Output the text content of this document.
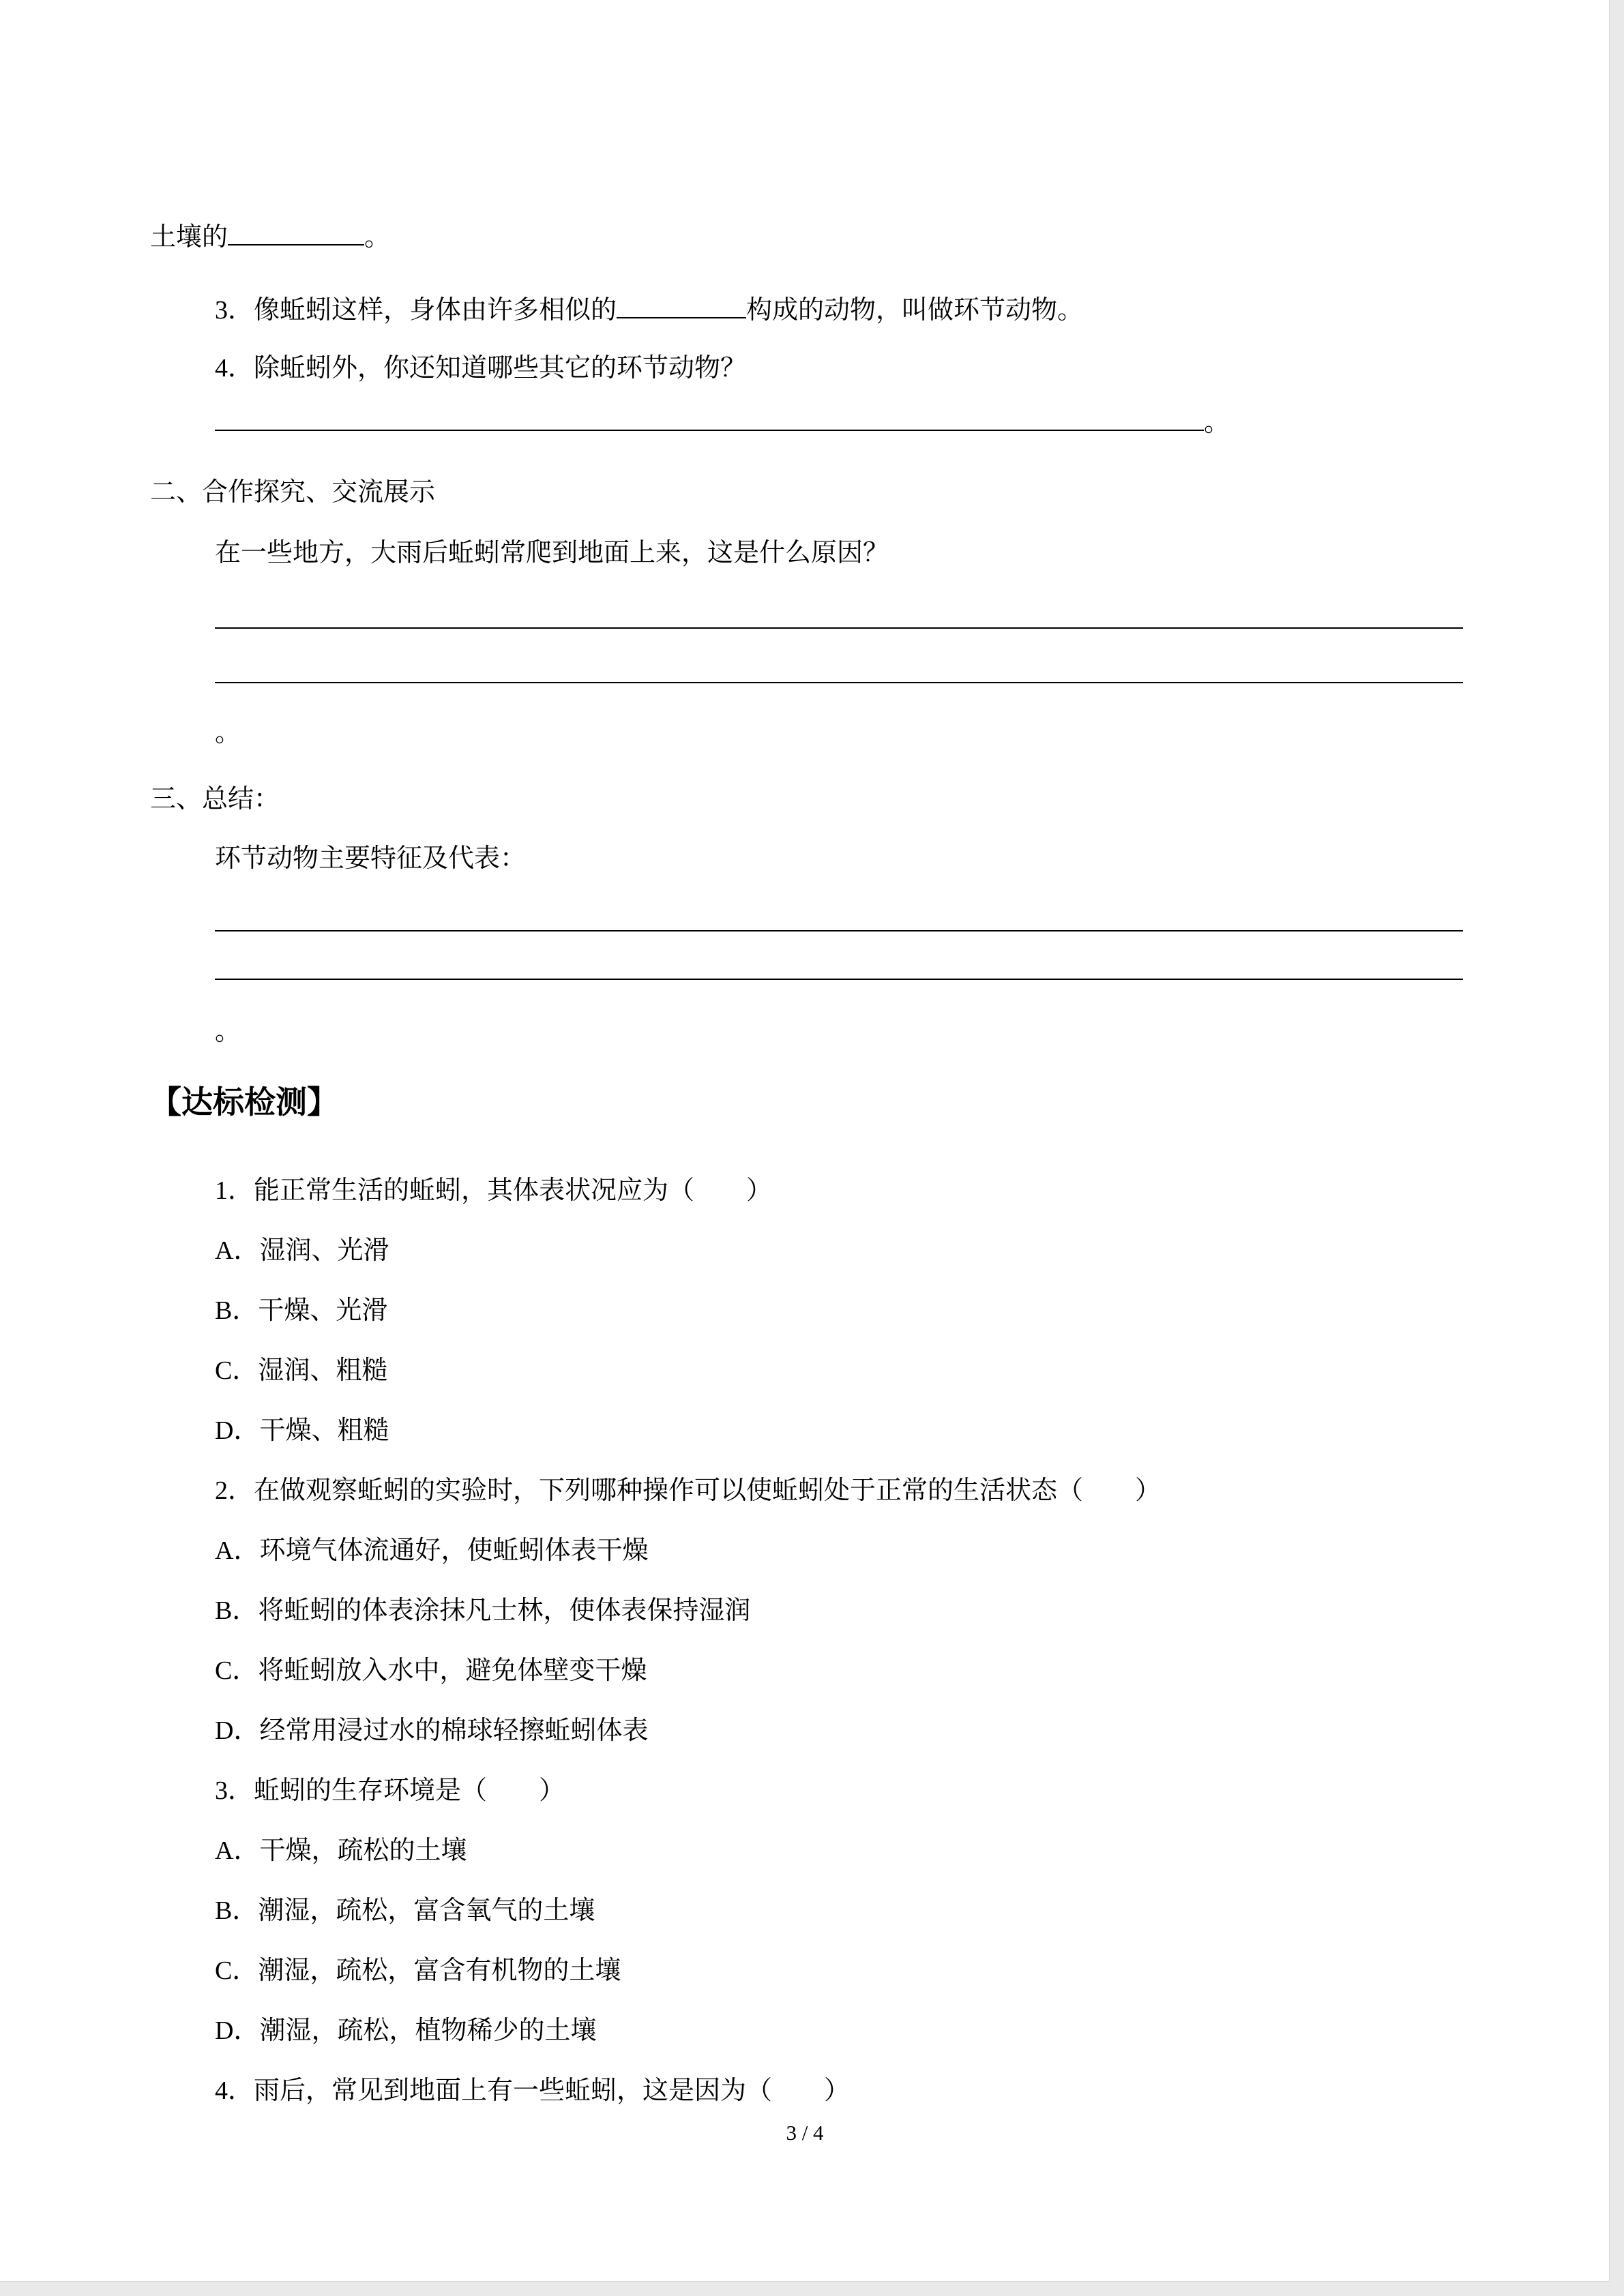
土壤的	。
3．像蚯蚓这样，身体由许多相似的	构成的动物，叫做环节动物。
4．除蚯蚓外，你还知道哪些其它的环节动物？
。
二、合作探究、交流展示
在一些地方，大雨后蚯蚓常爬到地面上来，这是什么原因？
。
三、总结：
环节动物主要特征及代表：
。
【达标检测】
1．能正常生活的蚯蚓，其体表状况应为（　　）
A．湿润、光滑
B．干燥、光滑
C．湿润、粗糙
D．干燥、粗糙
2．在做观察蚯蚓的实验时，下列哪种操作可以使蚯蚓处于正常的生活状态（　　）
A．环境气体流通好，使蚯蚓体表干燥
B．将蚯蚓的体表涂抹凡士林，使体表保持湿润
C．将蚯蚓放入水中，避免体壁变干燥
D．经常用浸过水的棉球轻擦蚯蚓体表
3．蚯蚓的生存环境是（　　）
A．干燥，疏松的土壤
B．潮湿，疏松，富含氧气的土壤
C．潮湿，疏松，富含有机物的土壤
D．潮湿，疏松，植物稀少的土壤
4．雨后，常见到地面上有一些蚯蚓，这是因为（　　）
3 / 4
